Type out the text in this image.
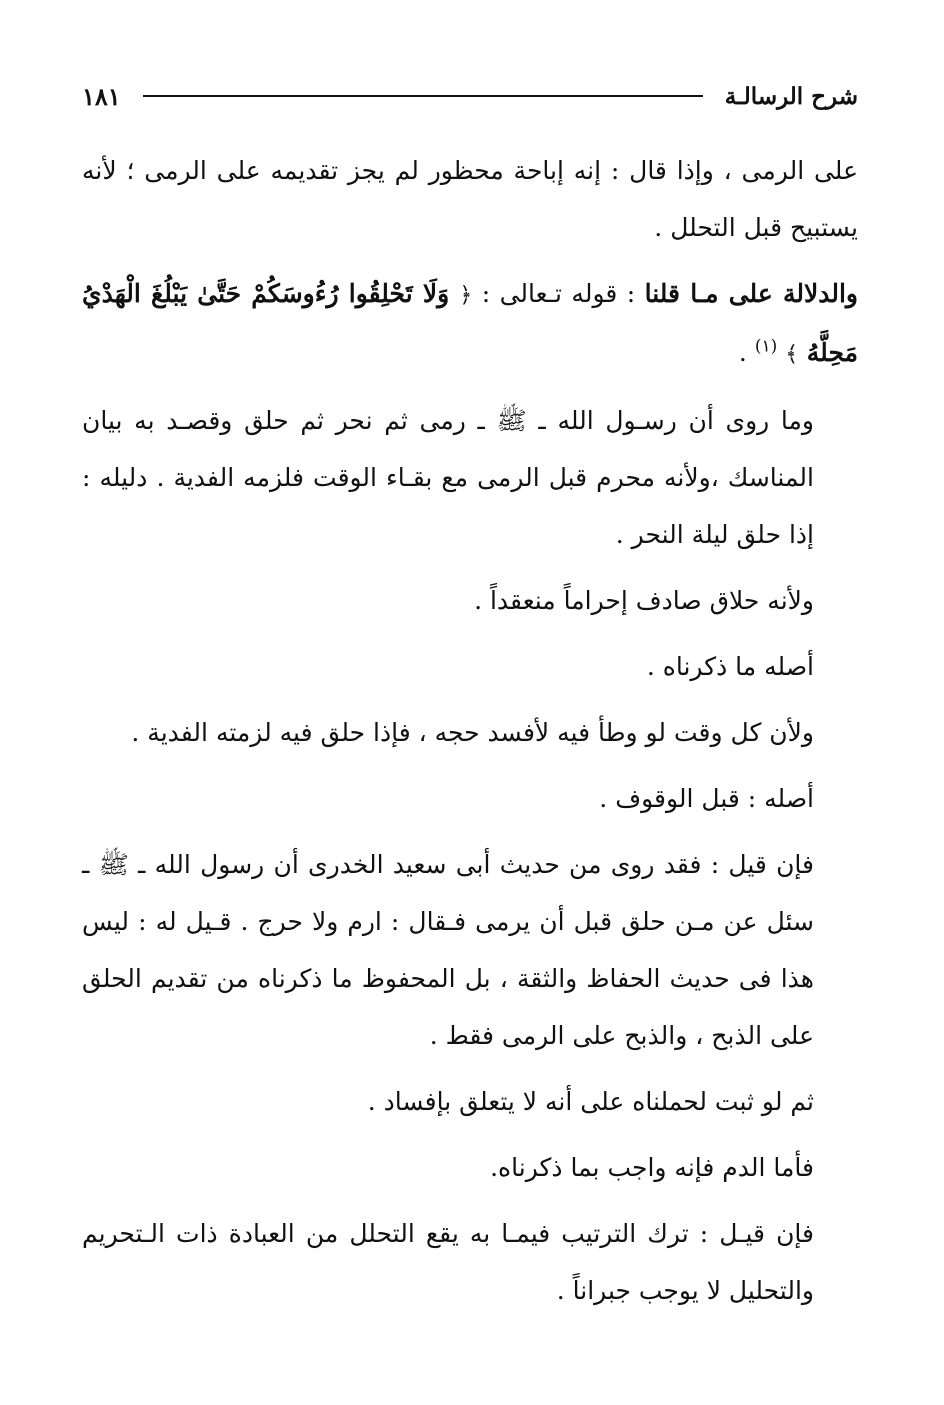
شرح الرسالـة
١٨١

على الرمى ، وإذا قال : إنه إباحة محظور لم يجز تقديمه على الرمى ؛ لأنه يستبيح قبل التحلل .

والدلالة على مـا قلنا : قوله تـعالى : ﴿ وَلَا تَحْلِقُوا رُءُوسَكُمْ حَتَّىٰ يَبْلُغَ الْهَدْيُ مَحِلَّهُ ﴾ $^{(١)}$ .

وما روى أن رسـول الله ـ ﷺ ـ رمى ثم نحر ثم حلق وقصـد به بيان المناسك ،ولأنه محرم قبل الرمى مع بقـاء الوقت فلزمه الفدية . دليله : إذا حلق ليلة النحر .

ولأنه حلاق صادف إحراماً منعقداً .

أصله ما ذكرناه .

ولأن كل وقت لو وطأ فيه لأفسد حجه ، فإذا حلق فيه لزمته الفدية .

أصله : قبل الوقوف .

فإن قيل : فقد روى من حديث أبى سعيد الخدرى أن رسول الله ـ ﷺ ـ سئل عن مـن حلق قبل أن يرمى فـقال : ارم ولا حرج . قـيل له : ليس هذا فى حديث الحفاظ والثقة ، بل المحفوظ ما ذكرناه من تقديم الحلق على الذبح ، والذبح على الرمى فقط .

ثم لو ثبت لحملناه على أنه لا يتعلق بإفساد .

فأما الدم فإنه واجب بما ذكرناه.

فإن قيـل : ترك الترتيب فيمـا به يقع التحلل من العبادة ذات الـتحريم والتحليل لا يوجب جبراناً .
